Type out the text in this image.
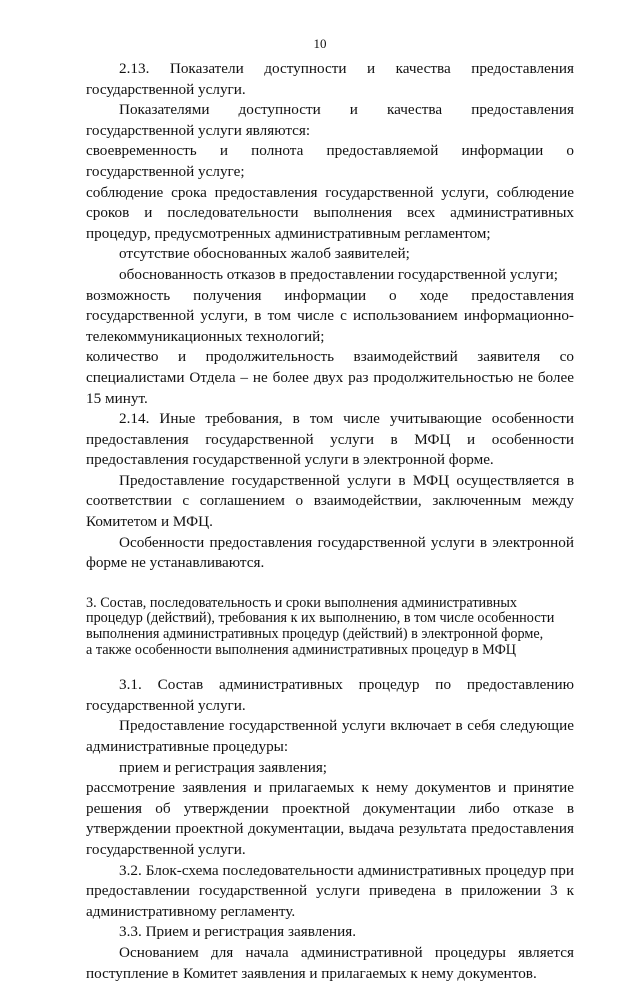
10

2.13. Показатели доступности и качества предоставления государственной услуги.

Показателями доступности и качества предоставления государственной услуги являются:

своевременность и полнота предоставляемой информации о государственной услуге;

соблюдение срока предоставления государственной услуги, соблюдение сроков и последовательности выполнения всех административных процедур, предусмотренных административным регламентом;

отсутствие обоснованных жалоб заявителей;

обоснованность отказов в предоставлении государственной услуги;

возможность получения информации о ходе предоставления государственной услуги, в том числе с использованием информационно-телекоммуникационных технологий;

количество и продолжительность взаимодействий заявителя со специалистами Отдела – не более двух раз продолжительностью не более 15 минут.

2.14. Иные требования, в том числе учитывающие особенности предоставления государственной услуги в МФЦ и особенности предоставления государственной услуги в электронной форме.

Предоставление государственной услуги в МФЦ осуществляется в соответствии с соглашением о взаимодействии, заключенным между Комитетом и МФЦ.

Особенности предоставления государственной услуги в электронной форме не устанавливаются.

3. Состав, последовательность и сроки выполнения административных
процедур (действий), требования к их выполнению, в том числе особенности
выполнения административных процедур (действий) в электронной форме,
а также особенности выполнения административных процедур в МФЦ

3.1. Состав административных процедур по предоставлению государственной услуги.

Предоставление государственной услуги включает в себя следующие административные процедуры:

прием и регистрация заявления;

рассмотрение заявления и прилагаемых к нему документов и принятие решения об утверждении проектной документации либо отказе в утверждении проектной документации, выдача результата предоставления государственной услуги.

3.2. Блок-схема последовательности административных процедур при предоставлении государственной услуги приведена в приложении 3 к административному регламенту.

3.3. Прием и регистрация заявления.

Основанием для начала административной процедуры является поступление в Комитет заявления и прилагаемых к нему документов.
